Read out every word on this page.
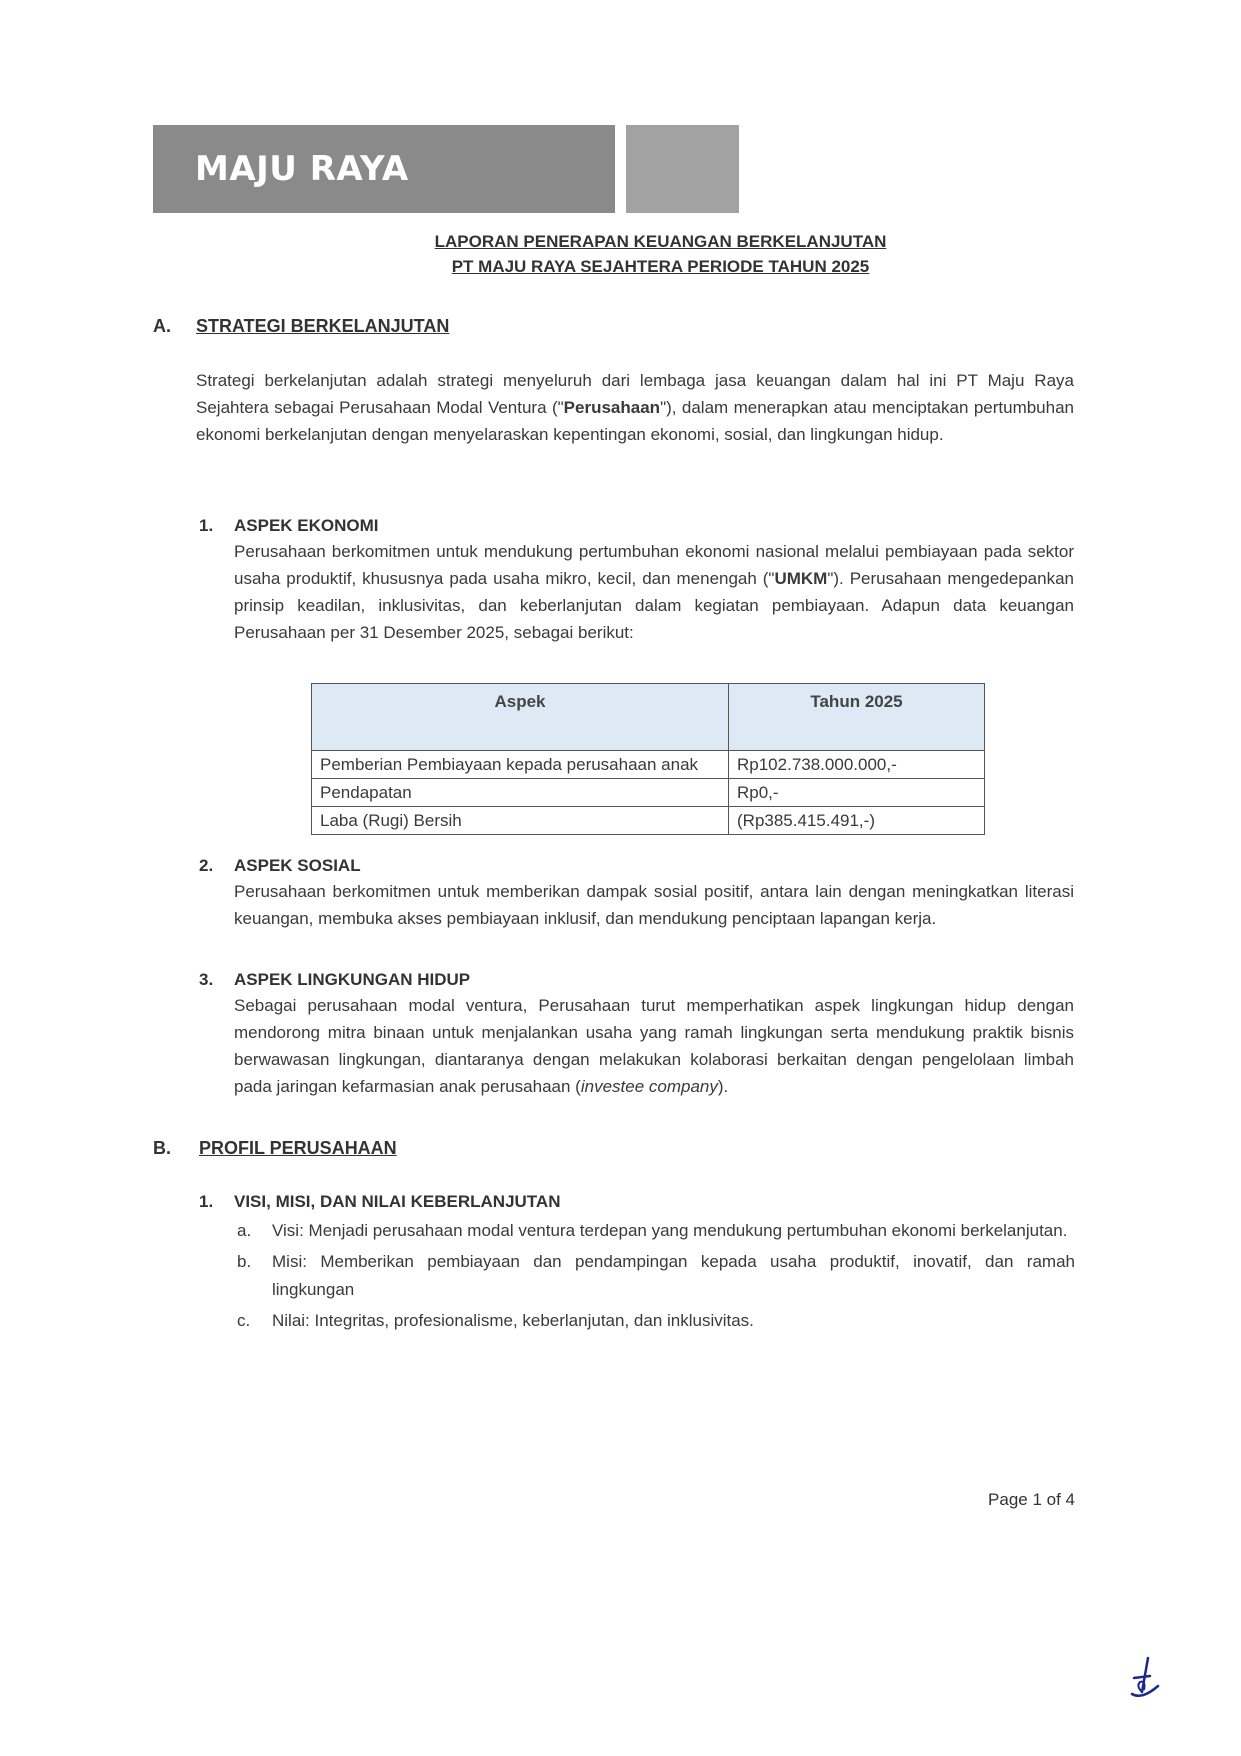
MAJU RAYA SEJAHTERA	LAPORAN PENERAPAN KEUANGAN BERKELANJUTAN
PT MAJU RAYA SEJAHTERA PERIODE TAHUN 2025
A. STRATEGI BERKELANJUTAN
Strategi berkelanjutan adalah strategi menyeluruh dari lembaga jasa keuangan dalam hal ini PT Maju Raya Sejahtera sebagai Perusahaan Modal Ventura ("Perusahaan"), dalam menerapkan atau menciptakan pertumbuhan ekonomi berkelanjutan dengan menyelaraskan kepentingan ekonomi, sosial, dan lingkungan hidup.
1. ASPEK EKONOMI
Perusahaan berkomitmen untuk mendukung pertumbuhan ekonomi nasional melalui pembiayaan pada sektor usaha produktif, khususnya pada usaha mikro, kecil, dan menengah ("UMKM"). Perusahaan mengedepankan prinsip keadilan, inklusivitas, dan keberlanjutan dalam kegiatan pembiayaan. Adapun data keuangan Perusahaan per 31 Desember 2025, sebagai berikut:
Aspek	Tahun 2025
Pemberian Pembiayaan kepada perusahaan anak	Rp102.738.000.000,-
Pendapatan	Rp0,-
Laba (Rugi) Bersih	(Rp385.415.491,-)
2. ASPEK SOSIAL
Perusahaan berkomitmen untuk memberikan dampak sosial positif, antara lain dengan meningkatkan literasi keuangan, membuka akses pembiayaan inklusif, dan mendukung penciptaan lapangan kerja.
3. ASPEK LINGKUNGAN HIDUP
Sebagai perusahaan modal ventura, Perusahaan turut memperhatikan aspek lingkungan hidup dengan mendorong mitra binaan untuk menjalankan usaha yang ramah lingkungan serta mendukung praktik bisnis berwawasan lingkungan, diantaranya dengan melakukan kolaborasi berkaitan dengan pengelolaan limbah pada jaringan kefarmasian anak perusahaan (investee company).
B. PROFIL PERUSAHAAN
1. VISI, MISI, DAN NILAI KEBERLANJUTAN
a. Visi: Menjadi perusahaan modal ventura terdepan yang mendukung pertumbuhan ekonomi berkelanjutan.
b. Misi: Memberikan pembiayaan dan pendampingan kepada usaha produktif, inovatif, dan ramah lingkungan
c. Nilai: Integritas, profesionalisme, keberlanjutan, dan inklusivitas.
Page 1 of 4
